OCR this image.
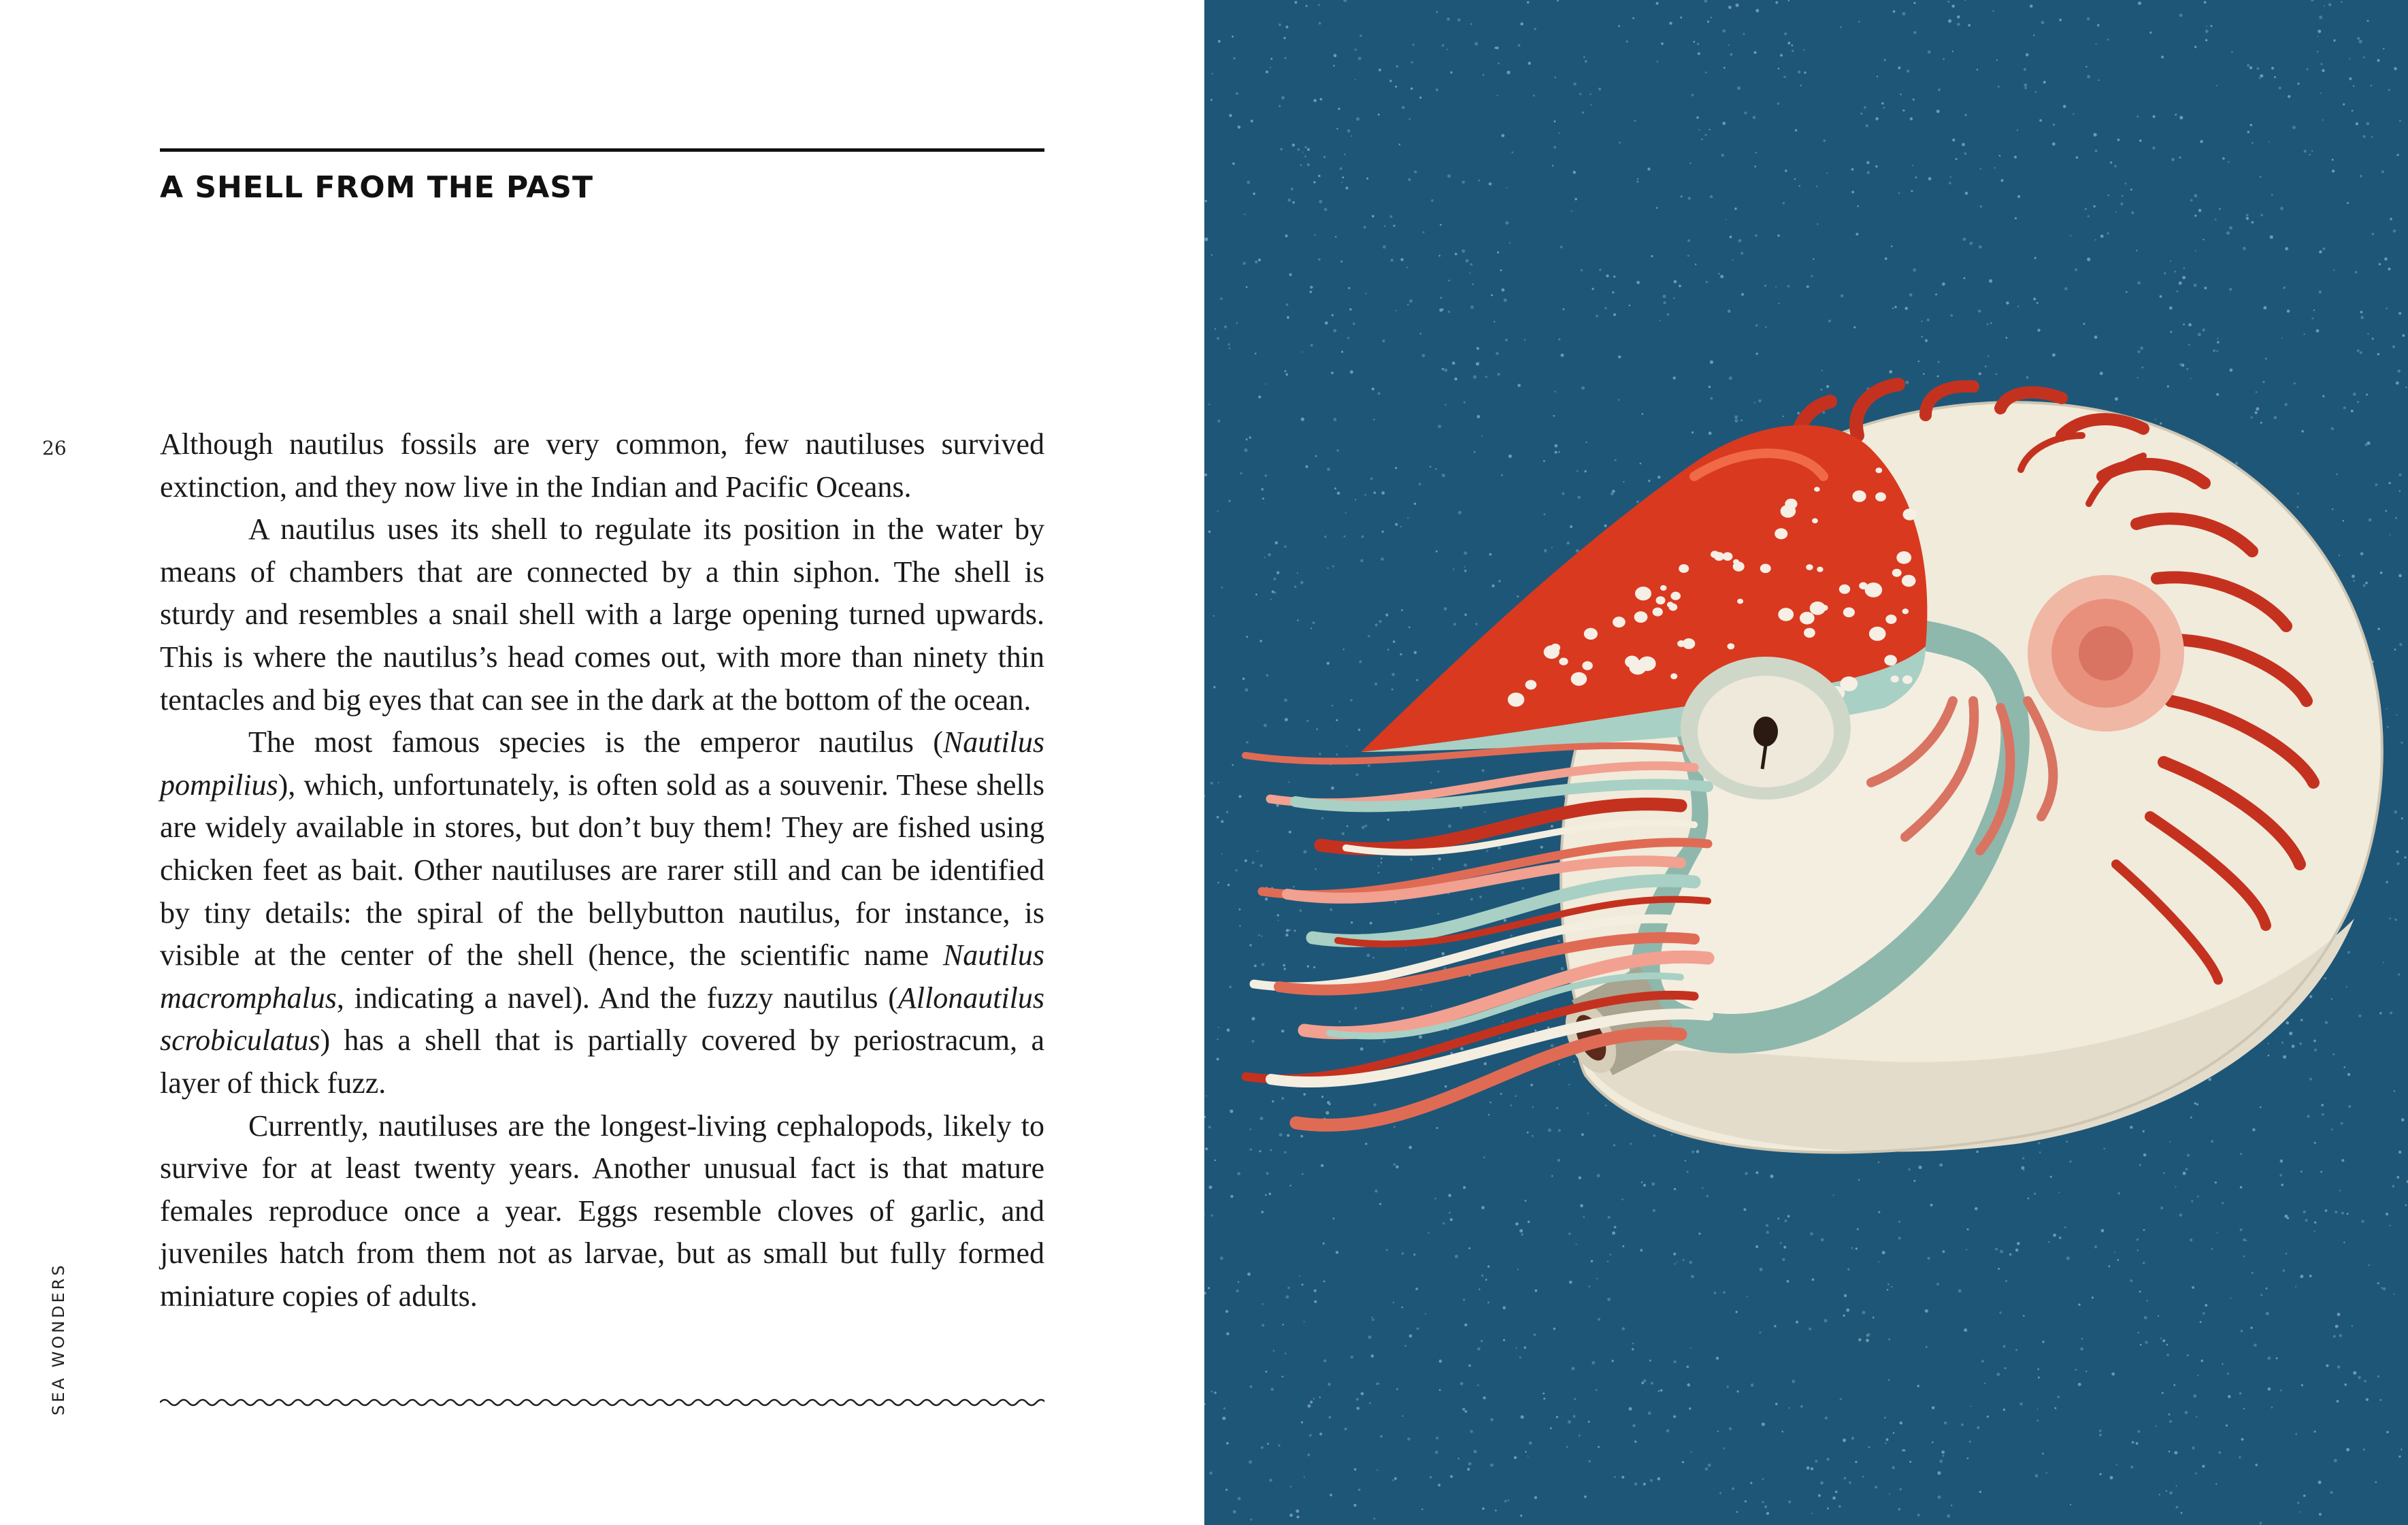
A SHELL FROM THE PAST
26	Although nautilus fossils are very common, few nautiluses survived extinction, and they now live in the Indian and Pacific Oceans.

A nautilus uses its shell to regulate its position in the water by means of chambers that are connected by a thin siphon. The shell is sturdy and resembles a snail shell with a large opening turned upwards. This is where the nautilus’s head comes out, with more than ninety thin tentacles and big eyes that can see in the dark at the bottom of the ocean.

The most famous species is the emperor nautilus (Nautilus pompilius), which, unfortunately, is often sold as a souvenir. These shells are widely available in stores, but don’t buy them! They are fished using chicken feet as bait. Other nautiluses are rarer still and can be identified by tiny details: the spiral of the bellybutton nautilus, for instance, is visible at the center of the shell (hence, the scientific name Nautilus macromphalus, indicating a navel). And the fuzzy nautilus (Allonautilus scrobiculatus) has a shell that is partially covered by periostracum, a layer of thick fuzz.

Currently, nautiluses are the longest-living cephalopods, likely to survive for at least twenty years. Another unusual fact is that mature females reproduce once a year. Eggs resemble cloves of garlic, and juveniles hatch from them not as larvae, but as small but fully formed miniature copies of adults.

SEA WONDERS
